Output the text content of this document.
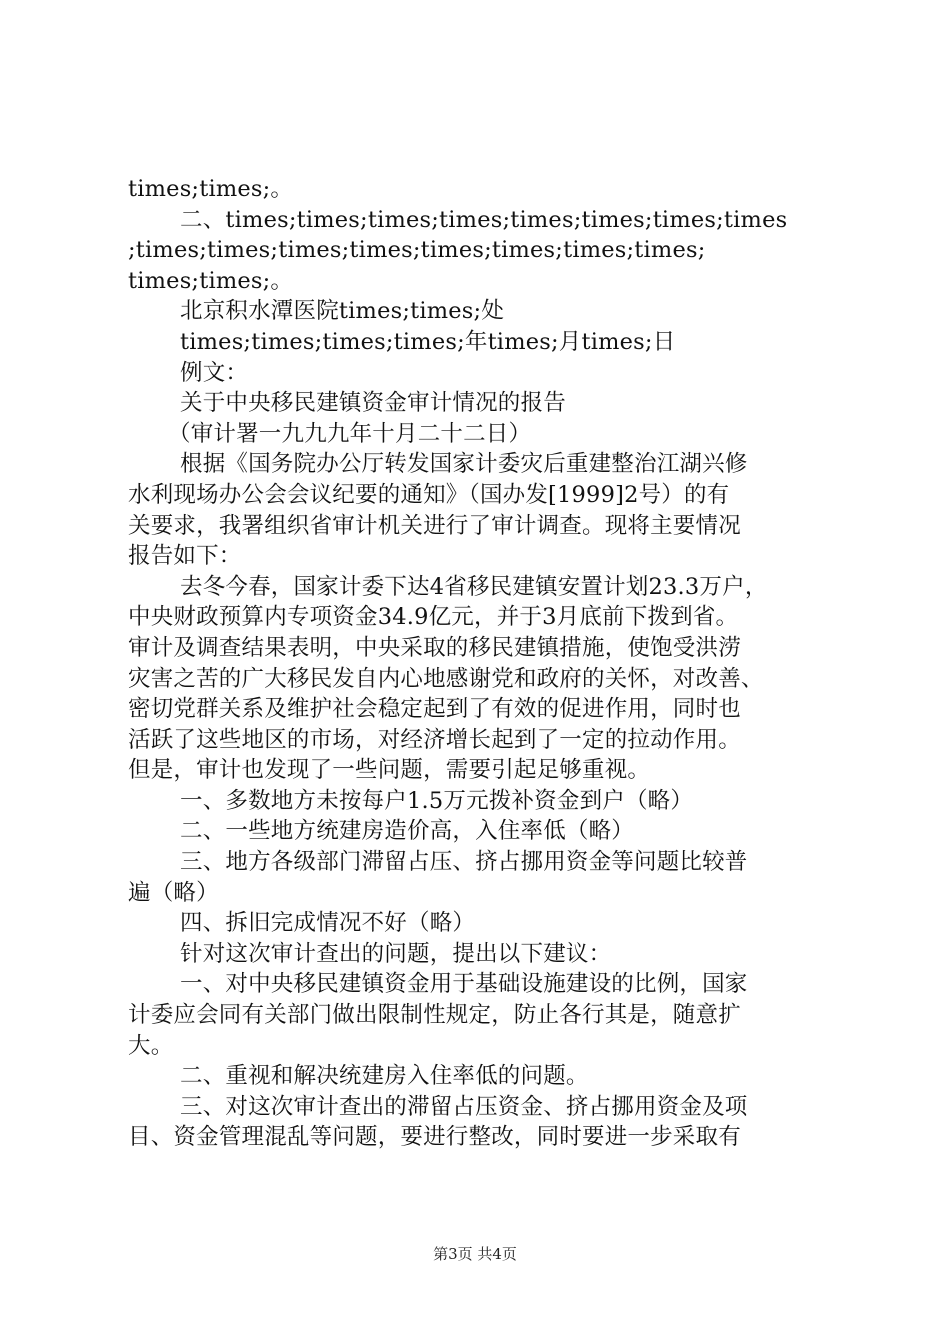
times;times;。
二、times;times;times;times;times;times;times;times
;times;times;times;times;times;times;times;times;
times;times;。
北京积水潭医院times;times;处
times;times;times;times;年times;月times;日
例文：
关于中央移民建镇资金审计情况的报告
（审计署一九九九年十月二十二日）
根据《国务院办公厅转发国家计委灾后重建整治江湖兴修
水利现场办公会会议纪要的通知》（国办发[1999]2号）的有
关要求，我署组织省审计机关进行了审计调查。现将主要情况
报告如下：
去冬今春，国家计委下达4省移民建镇安置计划23.3万户，
中央财政预算内专项资金34.9亿元，并于3月底前下拨到省。
审计及调查结果表明，中央采取的移民建镇措施，使饱受洪涝
灾害之苦的广大移民发自内心地感谢党和政府的关怀，对改善、
密切党群关系及维护社会稳定起到了有效的促进作用，同时也
活跃了这些地区的市场，对经济增长起到了一定的拉动作用。
但是，审计也发现了一些问题，需要引起足够重视。
一、多数地方未按每户1.5万元拨补资金到户（略）
二、一些地方统建房造价高，入住率低（略）
三、地方各级部门滞留占压、挤占挪用资金等问题比较普
遍（略）
四、拆旧完成情况不好（略）
针对这次审计查出的问题，提出以下建议：
一、对中央移民建镇资金用于基础设施建设的比例，国家
计委应会同有关部门做出限制性规定，防止各行其是，随意扩
大。
二、重视和解决统建房入住率低的问题。
三、对这次审计查出的滞留占压资金、挤占挪用资金及项
目、资金管理混乱等问题，要进行整改，同时要进一步采取有
第3页 共4页
